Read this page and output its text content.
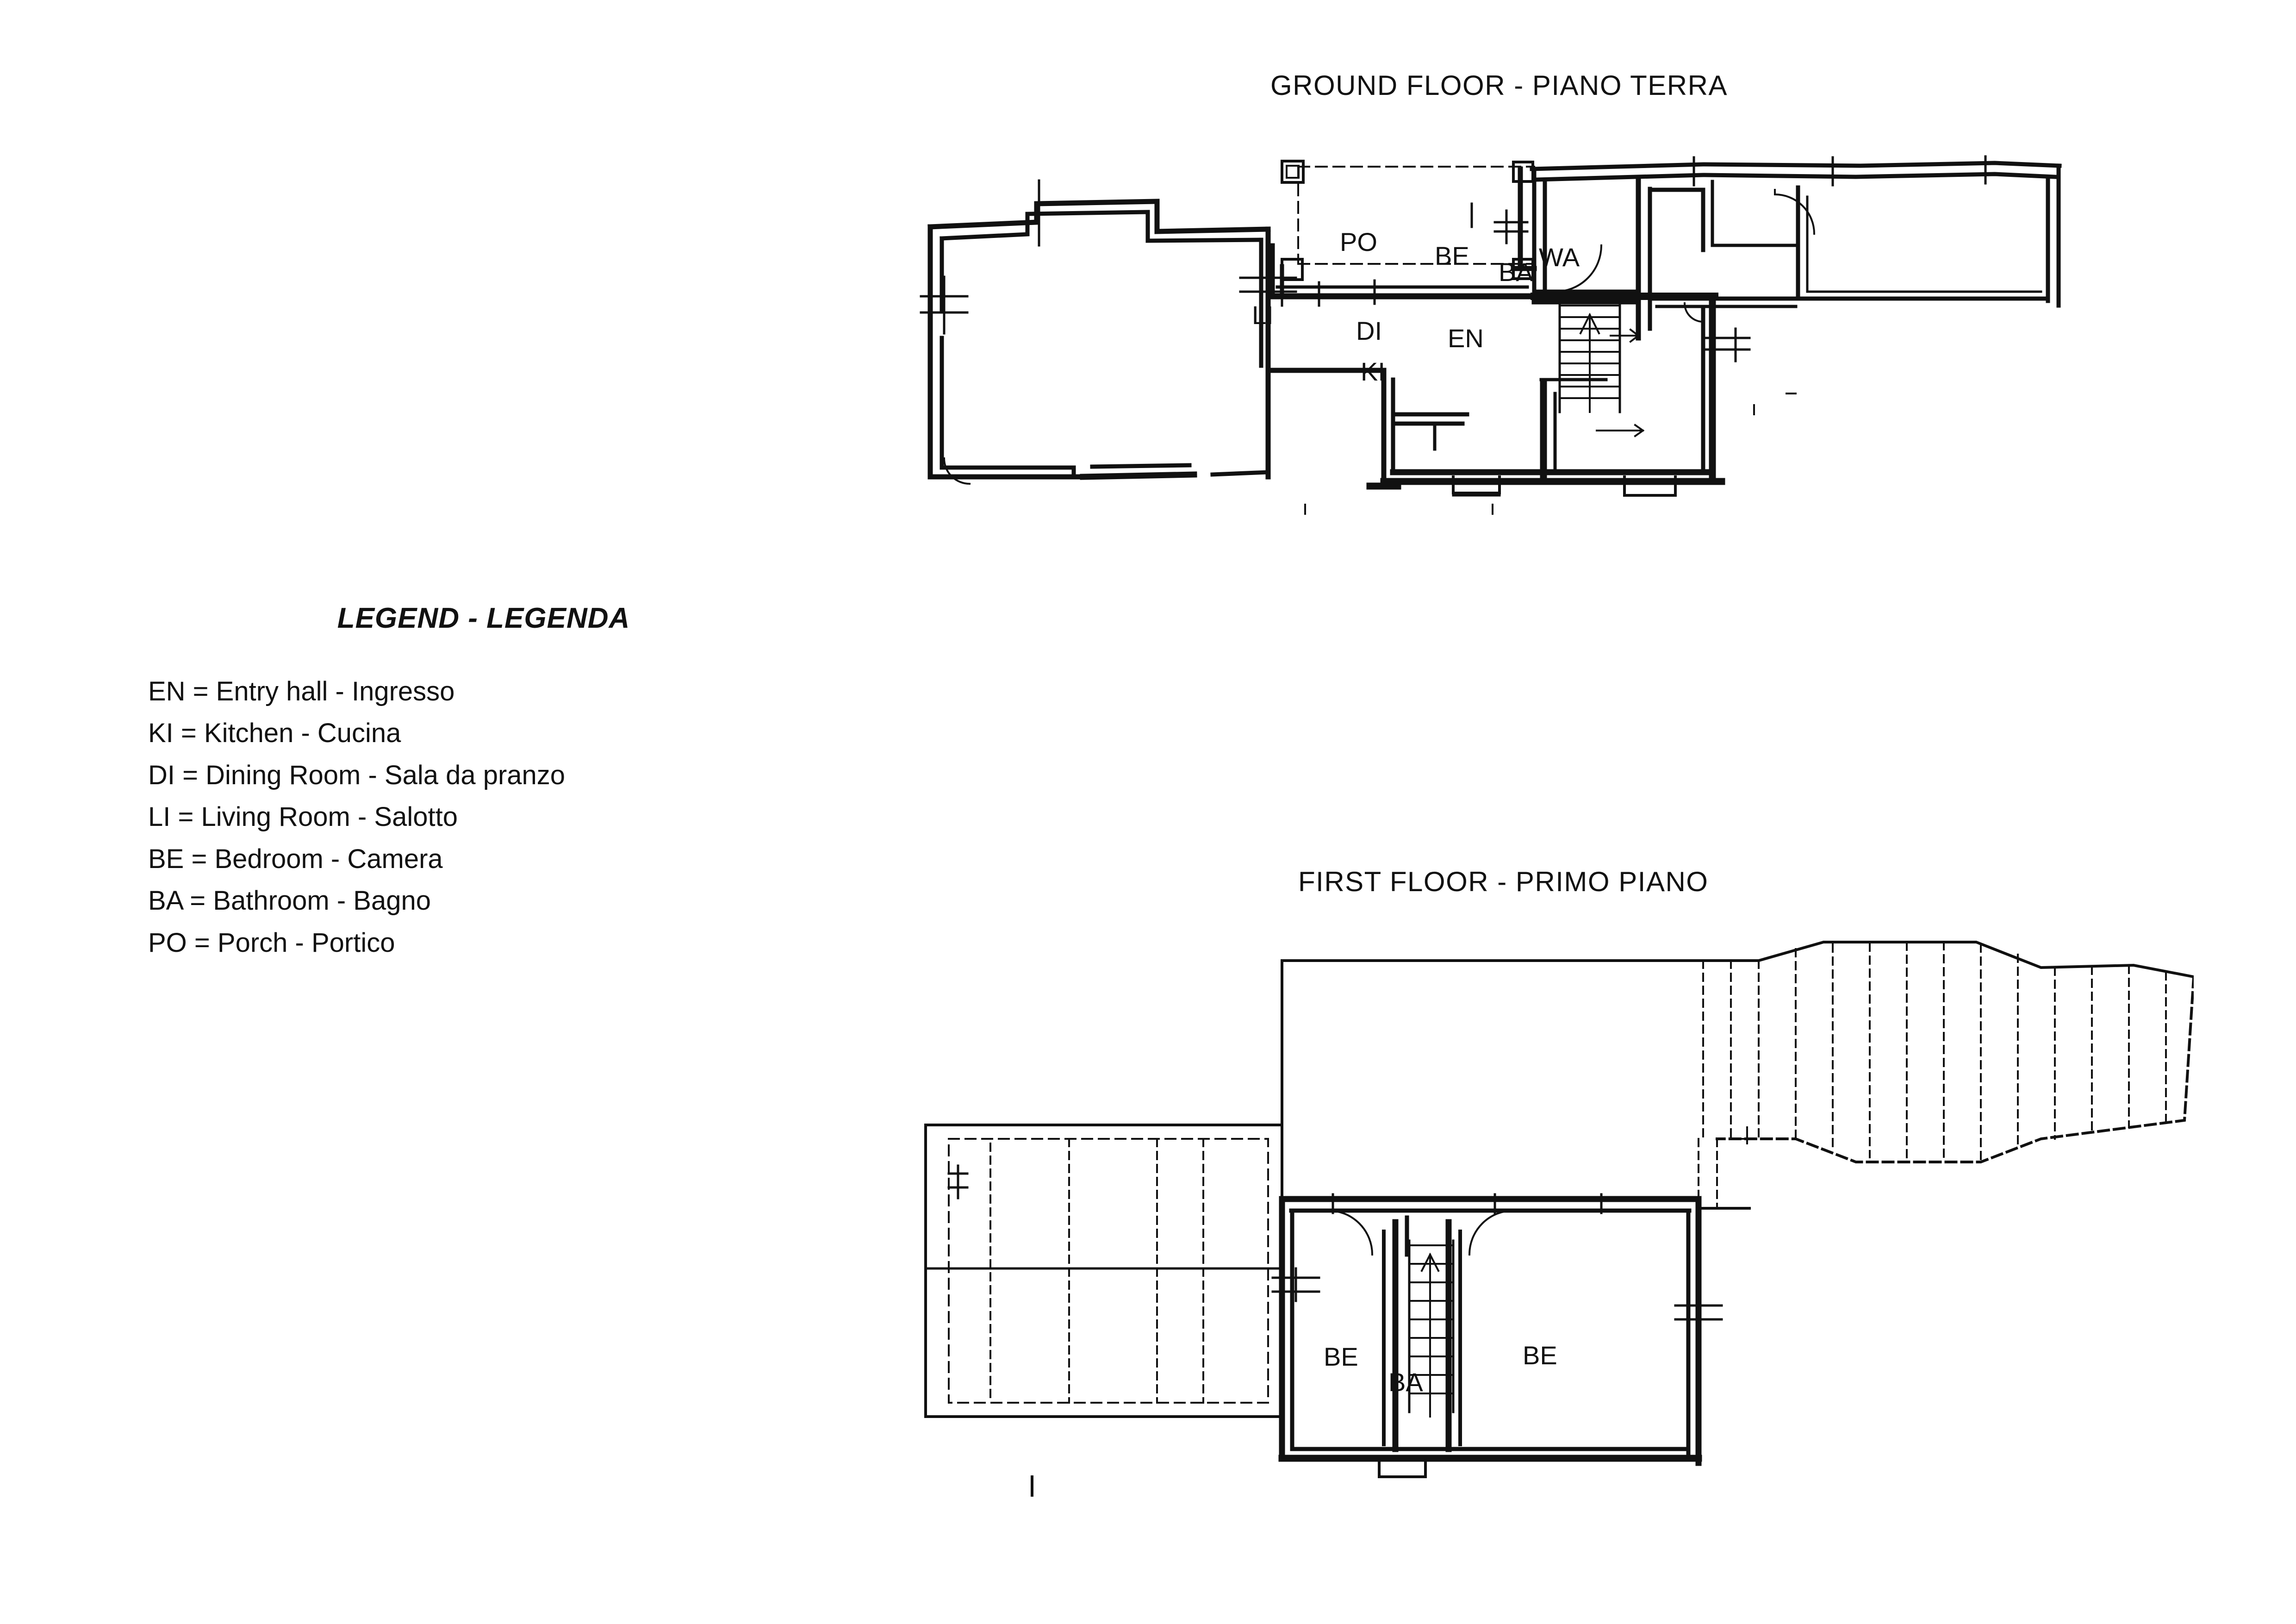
LEGEND - LEGENDA
EN = Entry hall - Ingresso
KI = Kitchen - Cucina
DI = Dining Room - Sala da pranzo
LI = Living Room - Salotto
BE = Bedroom - Camera
BA = Bathroom - Bagno
PO = Porch - Portico
GROUND FLOOR - PIANO TERRA
PO BE	WA
BA
LI
DI	EN
KI
FIRST FLOOR - PRIMO PIANO
BE
BA
BE
